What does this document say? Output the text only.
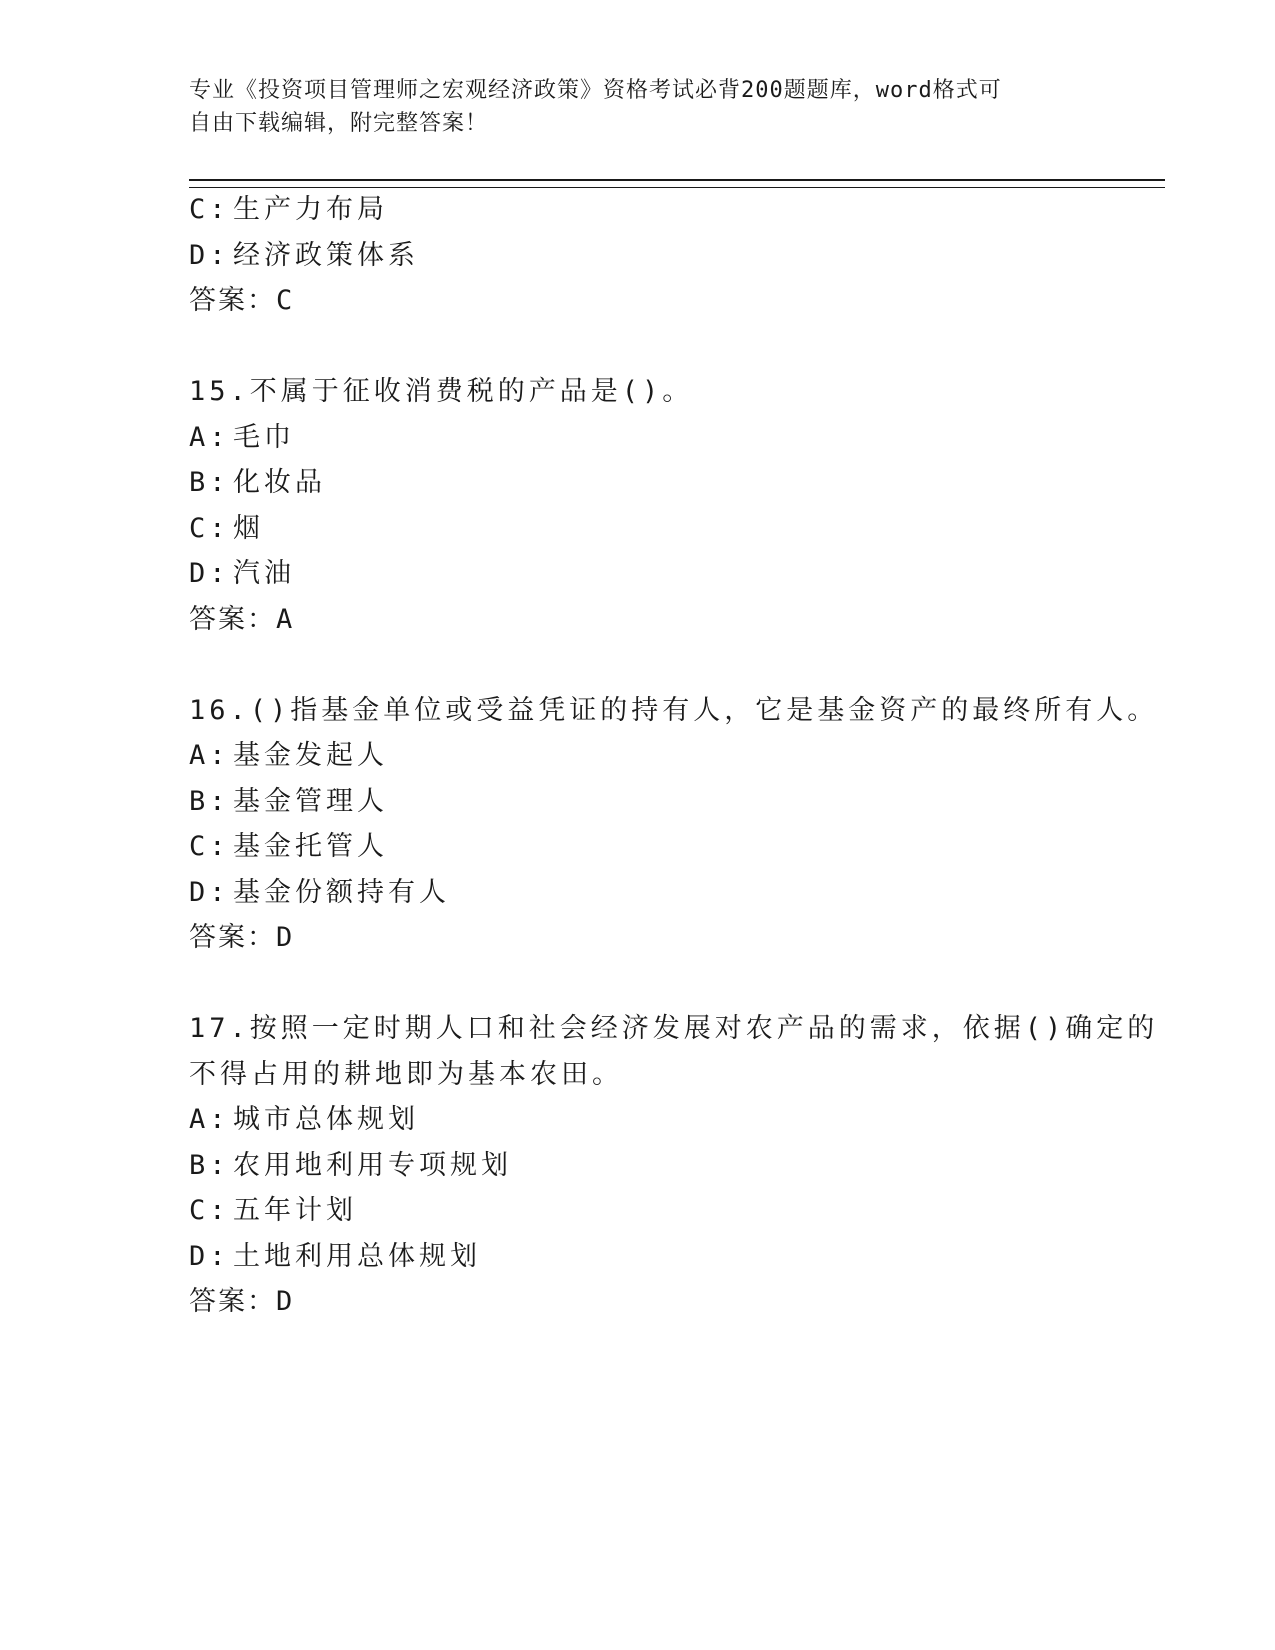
专业《投资项目管理师之宏观经济政策》资格考试必背200题题库，word格式可
自由下载编辑，附完整答案！
C: 生产力布局
D: 经济政策体系
答案：C
15.不属于征收消费税的产品是()。
A: 毛巾
B: 化妆品
C: 烟
D: 汽油
答案：A
16.()指基金单位或受益凭证的持有人，它是基金资产的最终所有人。
A: 基金发起人
B: 基金管理人
C: 基金托管人
D: 基金份额持有人
答案：D
17.按照一定时期人口和社会经济发展对农产品的需求，依据()确定的
不得占用的耕地即为基本农田。
A: 城市总体规划
B: 农用地利用专项规划
C: 五年计划
D: 土地利用总体规划
答案：D
